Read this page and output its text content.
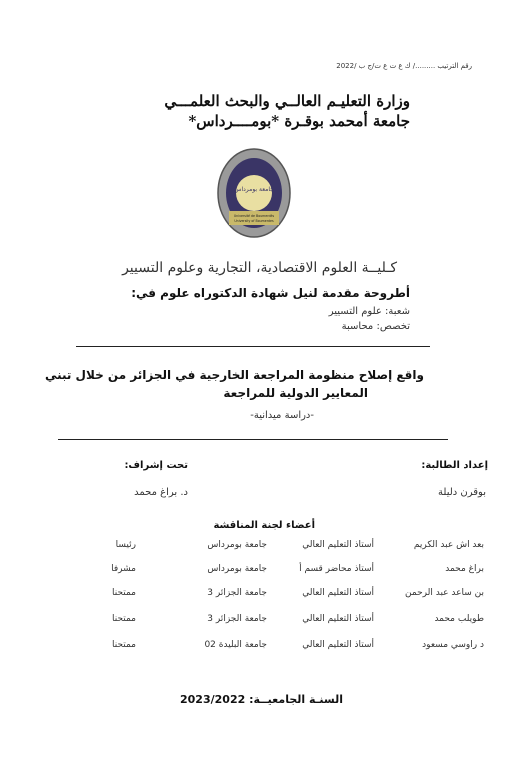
رقم الترتيب ........./ ك ع ت ع ت/ج ب /2022
وزارة التعليـم العالــي والبحث العلمـــي
جامعة أمحمد بوقـرة *بومــــرداس*
جامعة بومرداس
Université de Boumerdès
University of Boumerdes
كـليــة العلوم الاقتصادية، التجارية وعلوم التسيير
أطروحة مقدمة لنيل شهادة الدكتوراه علوم في:
شعبة: علوم التسيير
تخصص: محاسبة
واقع إصلاح منظومة المراجعة الخارجية في الجزائر من خلال تبني
المعايير الدولية للمراجعة
-دراسة ميدانية-
إعداد الطالبة:
تحت إشراف:
بوقرن دليلة
د. براغ محمد
أعضاء لجنة المناقشة
بعد اش عبد الكريم
أستاذ التعليم العالي
جامعة بومرداس
رئيسا
براغ محمد
أستاذ محاضر قسم أ
جامعة بومرداس
مشرفا
بن ساعد عبد الرحمن
أستاذ التعليم العالي
جامعة الجزائر 3
ممتحنا
طويلب محمد
أستاذ التعليم العالي
جامعة الجزائر 3
ممتحنا
د راوسي مسعود
أستاذ التعليم العالي
جامعة البليدة 02
ممتحنا
السنـة الجامعيــة: 2023/2022
